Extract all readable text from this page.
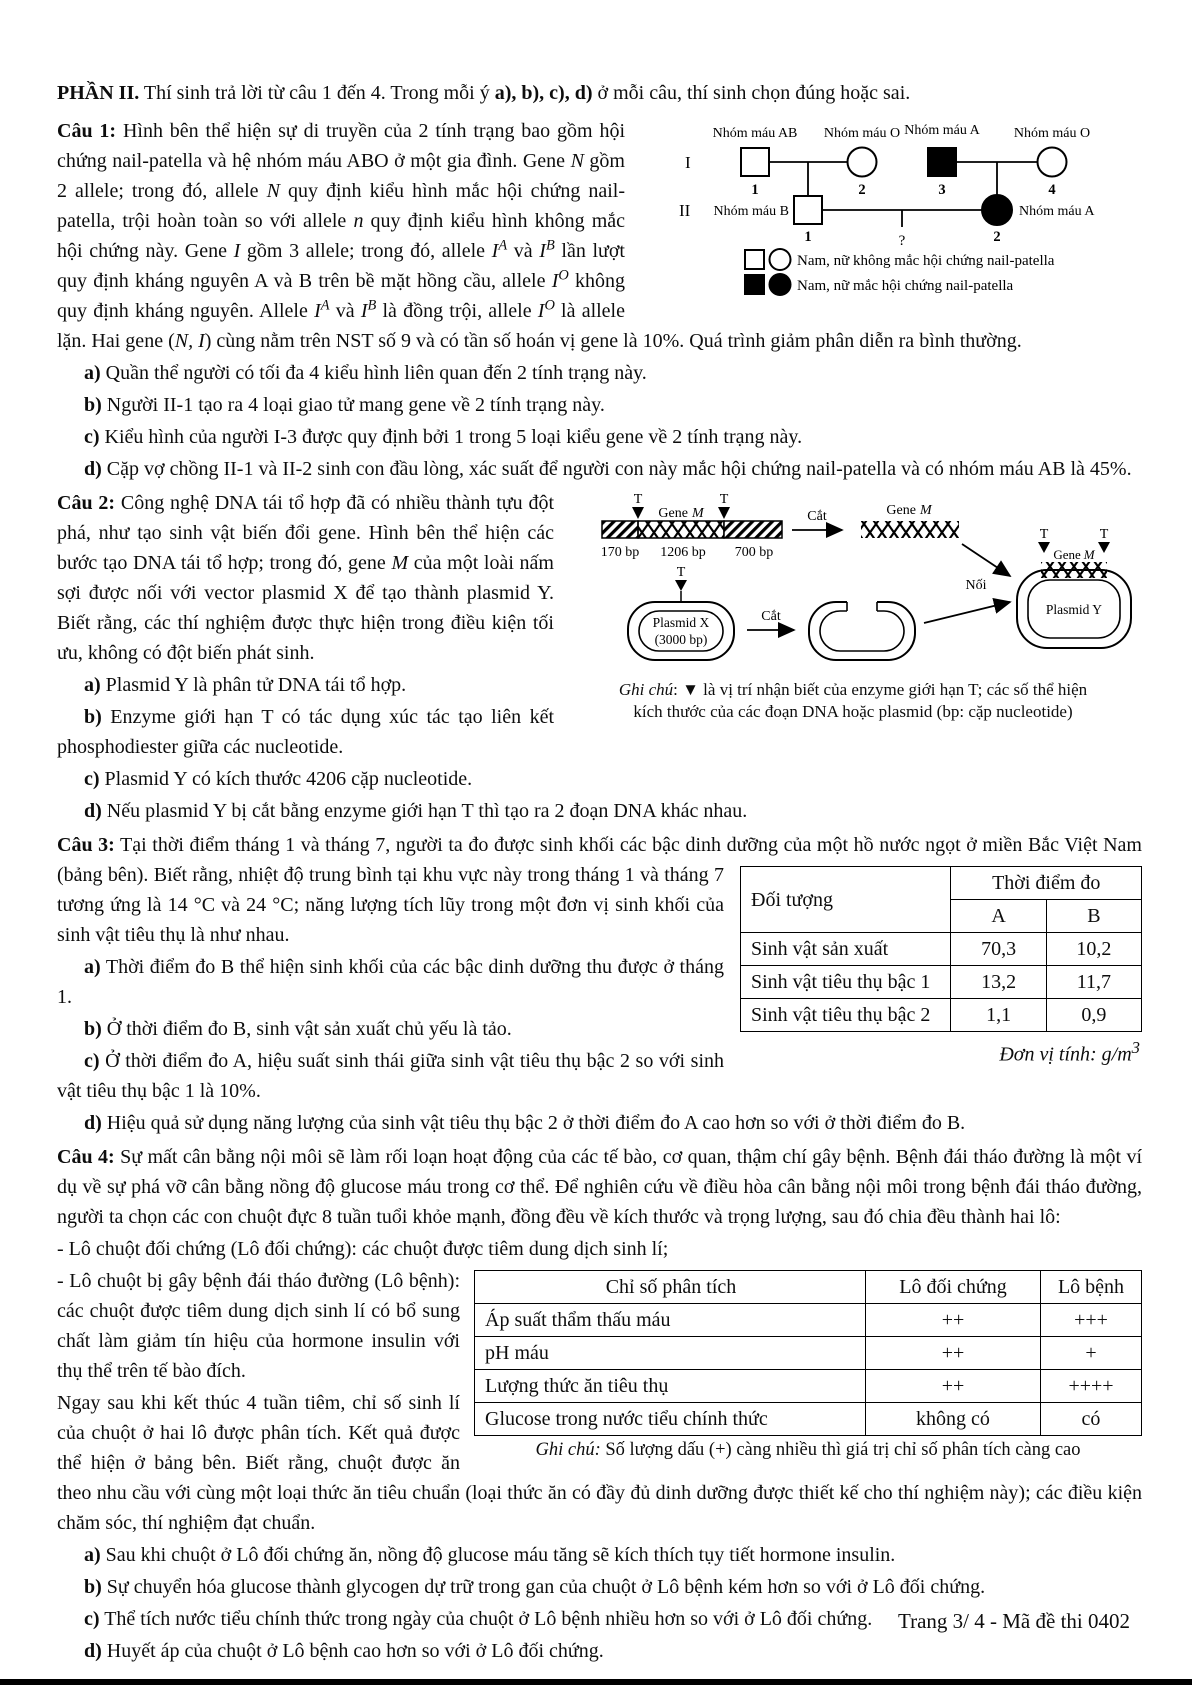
PHẦN II. Thí sinh trả lời từ câu 1 đến 4. Trong mỗi ý a), b), c), d) ở mỗi câu, thí sinh chọn đúng hoặc sai.
I
II
Nhóm máu AB Nhóm máu O Nhóm máu A Nhóm máu O
1	2	3	4
Nhóm máu B	Nhóm máu A
1	2
?
Nam, nữ không mắc hội chứng nail-patella
Nam, nữ mắc hội chứng nail-patella
Câu 1: Hình bên thể hiện sự di truyền của 2 tính trạng bao gồm hội chứng nail-patella và hệ nhóm máu ABO ở một gia đình. Gene N gồm 2 allele; trong đó, allele N quy định kiểu hình mắc hội chứng nail-patella, trội hoàn toàn so với allele n quy định kiểu hình không mắc hội chứng này. Gene I gồm 3 allele; trong đó, allele $I^A$ và $I^B$ lần lượt quy định kháng nguyên A và B trên bề mặt hồng cầu, allele $I^O$ không quy định kháng nguyên. Allele $I^A$ và $I^B$ là đồng trội, allele $I^O$ là allele lặn. Hai gene (N, I) cùng nằm trên NST số 9 và có tần số hoán vị gene là 10%. Quá trình giảm phân diễn ra bình thường.
a) Quần thể người có tối đa 4 kiểu hình liên quan đến 2 tính trạng này.
b) Người II-1 tạo ra 4 loại giao tử mang gene về 2 tính trạng này.
c) Kiểu hình của người I-3 được quy định bởi 1 trong 5 loại kiểu gene về 2 tính trạng này.
d) Cặp vợ chồng II-1 và II-2 sinh con đầu lòng, xác suất để người con này mắc hội chứng nail-patella và có nhóm máu AB là 45%.
T	T
Gene M
170 bp 1206 bp 700 bp
Cắt	Gene M
T
Plasmid X
(3000 bp)
Cắt
Nối
T	T
Gene M
Plasmid Y
Ghi chú: ▼ là vị trí nhận biết của enzyme giới hạn T; các số thể hiện
kích thước của các đoạn DNA hoặc plasmid (bp: cặp nucleotide)
Câu 2: Công nghệ DNA tái tổ hợp đã có nhiều thành tựu đột phá, như tạo sinh vật biến đổi gene. Hình bên thể hiện các bước tạo DNA tái tổ hợp; trong đó, gene M của một loài nấm sợi được nối với vector plasmid X để tạo thành plasmid Y. Biết rằng, các thí nghiệm được thực hiện trong điều kiện tối ưu, không có đột biến phát sinh.
a) Plasmid Y là phân tử DNA tái tổ hợp.
b) Enzyme giới hạn T có tác dụng xúc tác tạo liên kết phosphodiester giữa các nucleotide.
c) Plasmid Y có kích thước 4206 cặp nucleotide.
d) Nếu plasmid Y bị cắt bằng enzyme giới hạn T thì tạo ra 2 đoạn DNA khác nhau.
Câu 3: Tại thời điểm tháng 1 và tháng 7, người ta đo được sinh khối các bậc dinh dưỡng của một hồ nước ngọt ở
Đối tượng	Thời điểm đo	
	A	B
Sinh vật sản xuất	70,3	10,2
Sinh vật tiêu thụ bậc 1	13,2	11,7
Sinh vật tiêu thụ bậc 2	1,1	0,9
Đơn vị tính: $g/m^3$
miền Bắc Việt Nam (bảng bên). Biết rằng, nhiệt độ trung bình tại khu vực này trong tháng 1 và tháng 7 tương ứng là 14 °C và 24 °C; năng lượng tích lũy trong một đơn vị sinh khối của sinh vật tiêu thụ là như nhau.
a) Thời điểm đo B thể hiện sinh khối của các bậc dinh dưỡng thu được ở tháng 1.
b) Ở thời điểm đo B, sinh vật sản xuất chủ yếu là tảo.
c) Ở thời điểm đo A, hiệu suất sinh thái giữa sinh vật tiêu thụ bậc 2 so với sinh vật tiêu thụ bậc 1 là 10%.
d) Hiệu quả sử dụng năng lượng của sinh vật tiêu thụ bậc 2 ở thời điểm đo A cao hơn so với ở thời điểm đo B.
Câu 4: Sự mất cân bằng nội môi sẽ làm rối loạn hoạt động của các tế bào, cơ quan, thậm chí gây bệnh. Bệnh đái tháo đường là một ví dụ về sự phá vỡ cân bằng nồng độ glucose máu trong cơ thể. Để nghiên cứu về điều hòa cân bằng nội môi trong bệnh đái tháo đường, người ta chọn các con chuột đực 8 tuần tuổi khỏe mạnh, đồng đều về kích thước và trọng lượng, sau đó chia đều thành hai lô:
- Lô chuột đối chứng (Lô đối chứng): các chuột được tiêm dung dịch sinh lí;
Chỉ số phân tích	Lô đối chứng	Lô bệnh
Áp suất thẩm thấu máu	++	+++
pH máu	++	+
Lượng thức ăn tiêu thụ	++	++++
Glucose trong nước tiểu chính thức	không có	có
Ghi chú: Số lượng dấu (+) càng nhiều thì giá trị chỉ số phân tích càng cao
- Lô chuột bị gây bệnh đái tháo đường (Lô bệnh): các chuột được tiêm dung dịch sinh lí có bổ sung chất làm giảm tín hiệu của hormone insulin với thụ thể trên tế bào đích.
Ngay sau khi kết thúc 4 tuần tiêm, chỉ số sinh lí của chuột ở hai lô được phân tích. Kết quả được thể hiện ở bảng bên. Biết rằng, chuột được ăn theo nhu cầu với cùng một loại thức ăn tiêu chuẩn (loại thức ăn có đầy đủ dinh dưỡng được thiết kế cho thí nghiệm này); các điều kiện chăm sóc, thí nghiệm đạt chuẩn.
a) Sau khi chuột ở Lô đối chứng ăn, nồng độ glucose máu tăng sẽ kích thích tụy tiết hormone insulin.
b) Sự chuyển hóa glucose thành glycogen dự trữ trong gan của chuột ở Lô bệnh kém hơn so với ở Lô đối chứng.
c) Thể tích nước tiểu chính thức trong ngày của chuột ở Lô bệnh nhiều hơn so với ở Lô đối chứng.
d) Huyết áp của chuột ở Lô bệnh cao hơn so với ở Lô đối chứng.
Trang 3/ 4 - Mã đề thi 0402
